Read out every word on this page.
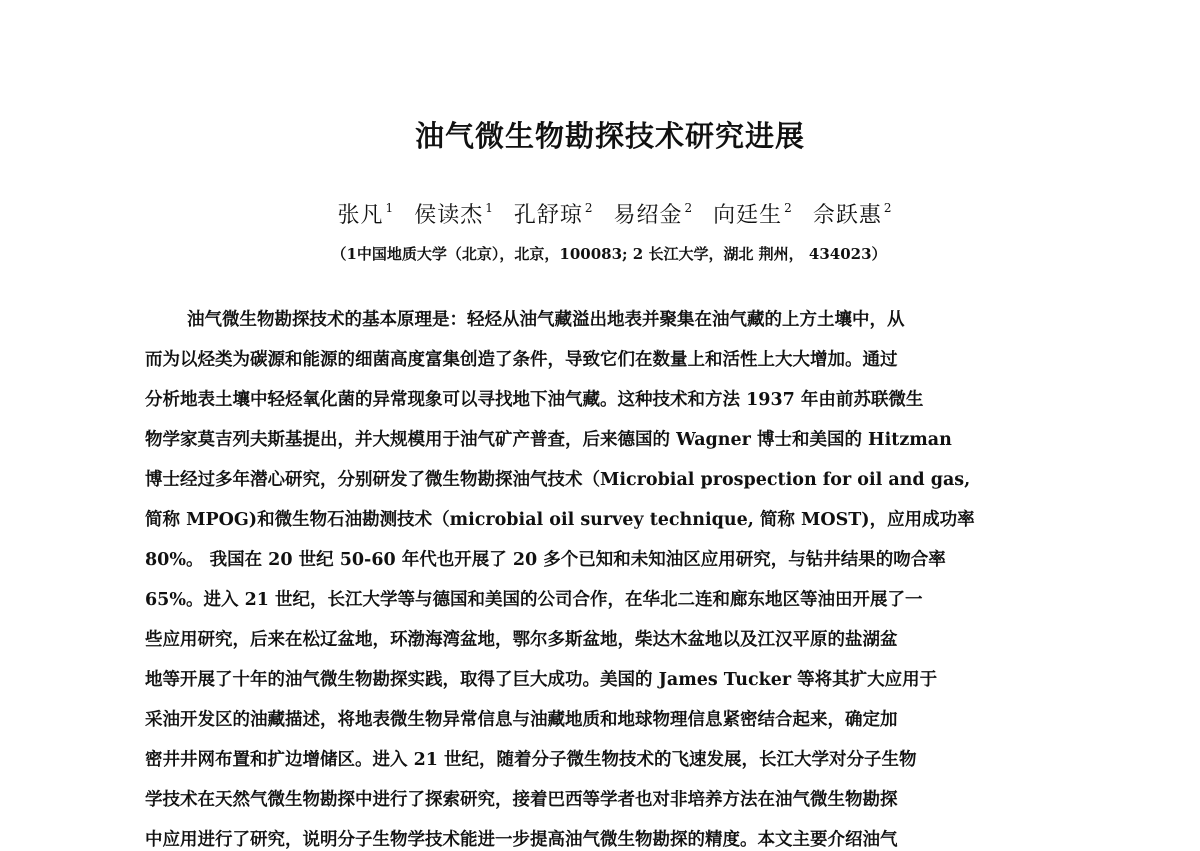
油气微生物勘探技术研究进展
张凡 $^1$ 侯读杰 $^1$ 孔舒琼 $^2$ 易绍金 $^2$ 向廷生 $^2$ 佘跃惠 $^2$
（1中国地质大学（北京），北京，100083; 2 长江大学，湖北 荆州， 434023）
油气微生物勘探技术的基本原理是：轻烃从油气藏溢出地表并聚集在油气藏的上方土壤中，从
而为以烃类为碳源和能源的细菌高度富集创造了条件，导致它们在数量上和活性上大大增加。通过
分析地表土壤中轻烃氧化菌的异常现象可以寻找地下油气藏。这种技术和方法 1937 年由前苏联微生
物学家莫吉列夫斯基提出，并大规模用于油气矿产普查，后来德国的 Wagner 博士和美国的 Hitzman
博士经过多年潜心研究，分别研发了微生物勘探油气技术（Microbial prospection for oil and gas,
简称 MPOG)和微生物石油勘测技术（microbial oil survey technique, 简称 MOST)，应用成功率
80%。 我国在 20 世纪 50-60 年代也开展了 20 多个已知和未知油区应用研究，与钻井结果的吻合率
65%。进入 21 世纪，长江大学等与德国和美国的公司合作，在华北二连和廊东地区等油田开展了一
些应用研究，后来在松辽盆地，环渤海湾盆地，鄂尔多斯盆地，柴达木盆地以及江汉平原的盐湖盆
地等开展了十年的油气微生物勘探实践，取得了巨大成功。美国的 James Tucker 等将其扩大应用于
采油开发区的油藏描述，将地表微生物异常信息与油藏地质和地球物理信息紧密结合起来，确定加
密井井网布置和扩边增储区。进入 21 世纪，随着分子微生物技术的飞速发展，长江大学对分子生物
学技术在天然气微生物勘探中进行了探索研究，接着巴西等学者也对非培养方法在油气微生物勘探
中应用进行了研究，说明分子生物学技术能进一步提高油气微生物勘探的精度。本文主要介绍油气
